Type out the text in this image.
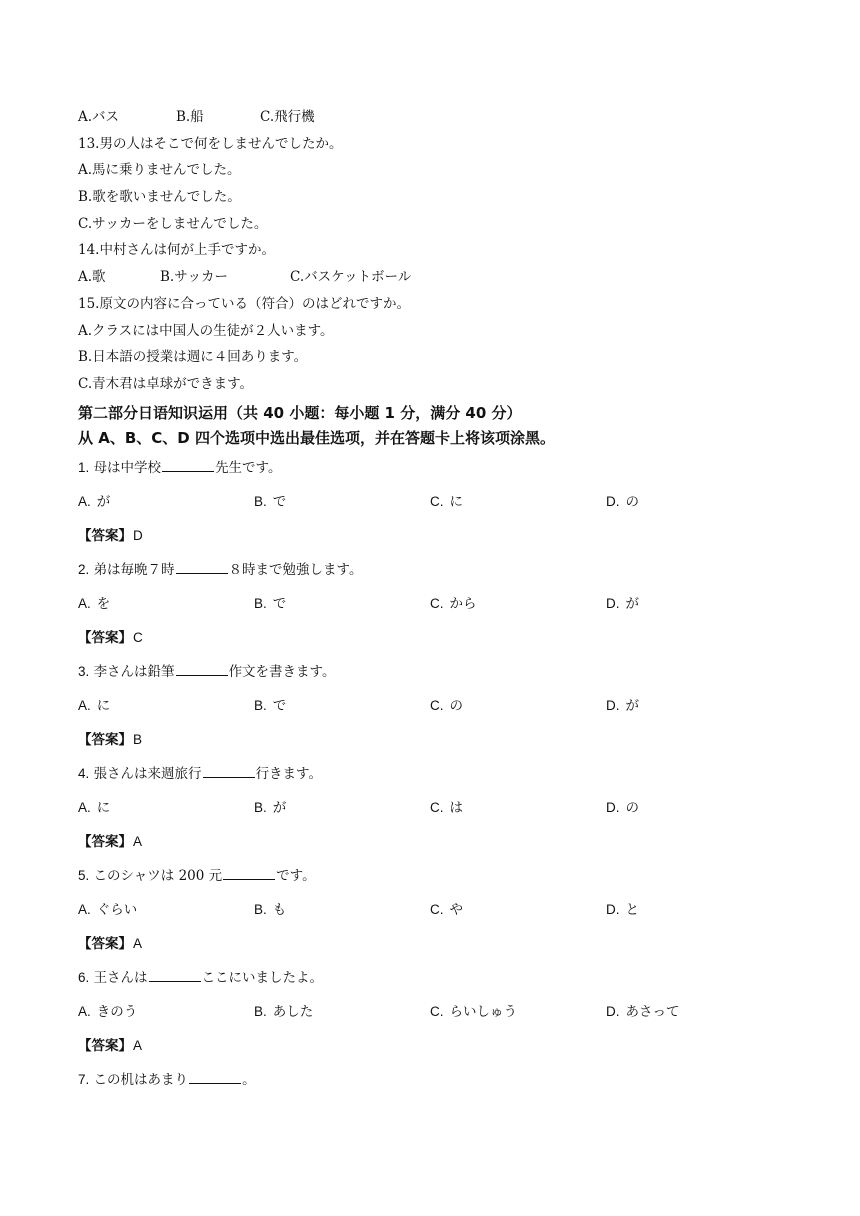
A.バス	B.船	C.飛行機
13.男の人はそこで何をしませんでしたか。
A.馬に乗りませんでした。
B.歌を歌いませんでした。
C.サッカーをしませんでした。
14.中村さんは何が上手ですか。
A.歌	B.サッカー	C.バスケットボール
15.原文の内容に合っている（符合）のはどれですか。
A.クラスには中国人の生徒が２人います。
B.日本語の授業は週に４回あります。
C.青木君は卓球ができます。
第二部分日语知识运用（共 40 小题：每小题 1 分，满分 40 分）
从 A、B、C、D 四个选项中选出最佳选项，并在答题卡上将该项涂黑。
1. 母は中学校	先生です。
A. が	B. で	C. に	D. の
【答案】D
2. 弟は毎晩７時	８時まで勉強します。
A. を	B. で	C. から	D. が
【答案】C
3. 李さんは鉛筆	作文を書きます。
A. に	B. で	C. の	D. が
【答案】B
4. 張さんは来週旅行	行きます。
A. に	B. が	C. は	D. の
【答案】A
5. このシャツは 200 元	です。
A. ぐらい	B. も	C. や	D. と
【答案】A
6. 王さんは	ここにいましたよ。
A. きのう	B. あした	C. らいしゅう	D. あさって
【答案】A
7. この机はあまり	。
